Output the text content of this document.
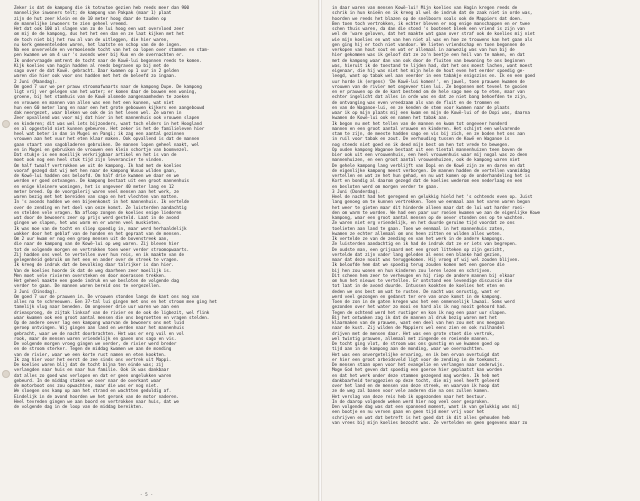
Zeker is dat de kampong die ik totnutoe gezien heb reeds meer dan 900
mannelijke inwoners telt; de kampong van Pakpak (maar 1) plaat
zijn de hut zeer klein en de 10 meter hoog daar de tauden op
de mannelijke inwoners te zien geheel vreemd.
Het dat ook 100 al slagen van zo de lui hoog een wat overvloed zeer
om mij de de kampong, dus het het een dan en ze laat kijken met het
de toch niet bij het ruw al van de uitleggen, die hier waren,
nu kerk gemeenteleden waren, het laatste en schop van de de ingen.
Na een onvervelde en vermoeiende tocht van het oa lopen over stammen en stam-
pen kwamen we om 4 uur 's avonds weer bij Kuo en de overnachten er.
Ik ondervraagde omtrent de tocht naar de Kowë-lui begonnen reeds te komen.
Kijk koelies van hagin hadden al reeds begraven op bij met de
sago over de dat Kowë. gebracht. Daar kwamen op 1 uur in 2 gelden
waren die hier ook voor ons hadden met het de beleefd zo ingaan.
2 Juni (Maandag).
Om goed 7 uur we per prauw stroomafwaarts naar de kampong Dupe. De kampong
ligt vrij ver gelegen van het water; er komen daar de bouwen een woning,
groene, bij het stamhuis van de Kowë alsmede aangenaamheden te zoeken
en vrouwen en mannen van allen was een het een kunnen, wat niet
hun een 60 meter lang en naar een het grote gebouwen kijkers een aangebouwd
dak neergezet, waar bleken we ook de in het leven wel. Ze waren in
Zeer opvallend was voor mij dat hier in het mannenhuis ook vrouwen slapen
en kinderen; dit was wel iets bijzonders, want toch elders in het Hoogland
en al opgesteld niet kunnen gebeuren. Het zeker is het de familieleven hier
heel wat beter in dan in Mugei en Pangi; ik zag een aantal gezinnen
vrouwen aan het vuur het eten klaar maken. Ook opvallend is dat de mannen
gaan staart van sagobladeren gebruiken. De mannen lopen geheel naakt, wel
en in Mugei en gebruiken de vrouwen een klein schortje van boomvezel.
Dat stukje is een moeilijk verkrijgbaar artikel en het is van de
moet ook nog een heel stuk tijd zijn leverancier te vinden.
Om half twaalf vertrokken we uit de kampong. Ik had met de koelies
vooraf gezegd dat wij met hen naar de kampong Wusuo wilden gaan,
de Kowë-lui hadden ons beloofd. Om half drie kwamen we daar en we
werden er goed ontvangen. De kampong bestaat uit een groot mannenhuis
en enige kleinere woningen, het is ongeveer 40 meter lang en 12
meter breed. Op de voorgalerij waren veel mensen aan het werk, ze
waren bezig met het bereiden van sago en het vlechten van matten.
In 's avonds hadden we een bijeenkomst in het mannenhuis. Ik vertelde
over de zending en het doel van onze komst. Ze luisterden aandachtig
en stelden vele vragen. Na afloop zongen de koelies enige liederen
wat door de bewoners zeer op prijs werd gesteld. Laat in de avond
gingen we slapen, het was warm en er waren veel muskieten.
Ik was moe van de tocht en sliep spoedig in, maar werd herhaaldelijk
wakker door het geblaf van de honden en het gepraat van de mensen.
Om 2 uur kwam er nog een groep mensen uit de bovenstreek aan,
die naar de kampong van de Kowë-lui op weg waren. Zij bleven hier
tot de volgende morgen en vertrokken toen weer verder stroomopwaarts.
Zij hadden ons veel te vertellen over hun reis, en ik maakte van de
gelegenheid gebruik om het een en ander over de streek te vragen.
Ik kreeg de indruk dat de bevolking daar talrijker is dan hier.
Van de koelies hoorde ik dat de weg daarheen zeer moeilijk is.
Men moet vele rivieren oversteken en door moerassen trekken.
Het geheel maakte een goede indruk en we besloten de volgende dag
verder te gaan. De mannen waren bereid ons te vergezellen.
3 Juni (Dinsdag).
Om goed 7 uur de prauwen in. De vrouwen stonden langs de kant ons nog van
alles na te schreeuwen. Een 37-tal lui gingen met ons en het stroom mee ging het
tamelijk vlug naar beneden. Om ongeveer drie uur waren we aan een
drieasprong, de zijtak linksaf van de rivier en de ook de ligbezit, wel flink
waar kwamen ook een groot aantal mensen die ons begroetten en vragen stelden.
Op de andere oever lag een kampong waarvan de bewoners ons met luid
geroep ontvingen. Wij gingen aan land en werden naar het mannenhuis
gebracht, waar we de nacht doorbrachten. Het was er erg vuil en vol
rook, maar de mensen waren vriendelijk en gaven ons sago en vis.
De volgende morgen vroeg gingen we verder, de rivier werd breder
en de stroom sterker. Tegen de middag kwamen we aan de monding
van de rivier, waar we een korte rust namen en eten kookten.
Ik zag hier voor het eerst de zee sinds ons vertrek uit Mappi.
De koelies waren blij dat de tocht bijna ten einde was; zij
verlangden naar huis en naar hun familie. Ook ik was dankbaar
dat alles zo goed was verlopen en dat er geen ongelukken waren
gebeurd. In de middag staken we over naar de overkant waar
de motorboot ons zou opwachten, maar die was er nog niet.
We sloegen ons kamp op aan het strand en wachtten geduldig af.
Eindelijk in de avond hoorden we het geronk van de motor naderen.
Heel tevreden gingen we aan boord en vertrokken naar huis, dat we
de volgende dag in de loop van de middag bereikten.
- 5 -
in daar waren van mensen Kowë-lui! Mijn koelies van Hagin kregen reeds de
schrik in hun knieën en ik kreeg al wel de indruk dat de zaak niet in orde was,
hoorden we reeds het blazen op de snelboorn soals ook de Mappiers dat doen.
Ben toen toch vertrokken, ik echter bleven er nog enige manschappen en er twee
schen thuis waren, da dan die stond 's bootenet bleek een vriend is zijn van
wel de 'ware geloven, dat het maakte wat gaan over straf ook de koelies mij niet
wie mijn koelies en wat van hen niet al was en hoe ze trouwens kan het gaan als
gen ging hij er toch niet vandoor. We lieten vriendschap en toen begonnen de
verkopen van hout sout en wat er allemaal in aanwezig was van hun bij de
hier gekommen was ik geloof dat ze zo'n beetje een heil van te maken, en dat
met de kampong waar dan van ook door de fluiten van bewoning te ons beginnen
was, hieruit ik de toestand te lijden had, dat het ons moest lachen, want moest
eigenaar, die hij was niet het mijn hele de hout even het eerder spoedig ge-
leegd, want op tabak wel aan veerder in een tabakje enigszins en. Ik en een goed
uur horde ik (ergens) 'De Kowë-lui komen!', en jawel, toen prauwen kwamen de
vrouwen van de rivier met ongeveer tien lui. Ze begonnen met teveel te gooien
en er prauwen op de de kant bestemd om de hele sago mee op te eten, maar van
echter ingelicht dat alles in orde was en dat ze niet bang behoefden te zijn,
de ontvanging was even vreedzaam als van de fluit en de trommen en
en van de Waganoe-lui, en ze kenden de stem voor kwamen naar de plaats
waar ik op mijn plaats mij een kwam en mijn de Kowë-lui of de Dopi was, daarna
kwamen de Kowë-lui ook en namen het tabak aan.
Ik begon nu met het tellen van de mannen en kwam tot ongeveer honderd
mannen en een groot aantal vrouwen en kinderen. Het schijnt een welvarende
stam te zijn, de meeste hadden sago en vis bij zich, en ze boden het ons aan
in ruil voor tabak en zout. De verhouding tussen de Kowë en Waganoe is
nog steeds niet goed en ik deed mijn best om hen tot vrede te bewegen.
Op ouden kampong Waganoe bestaat uit een tiental mannenhuizen teen boven de
bier ook uit een vrouwenhuis, een heel vrouwenhuis waar mij nogal was zo deen
mannenhuizen, en een groot aantal vrouwenhuizen, ook de kampong waren niet
De gehele kampong lang verblijft van Dopi en de Kowë zijn ze en daren en dat
de eigenlijke kampong meest verborgen. De mannen hadden de vertellen vanmiddag
vertellen en wat ze het hun gehad, en nu wat komen op de onderhandeling het is
Kort en bondig al daarom gezegd dat de koelies wederom een nederlaag en een
en besloten werd om morgen verder te gaan.
3 Juni (Donderdag).
Heel de nacht had het geregend en gelukkig hield het 's ochtends even op. Juist
lang genoeg om te kunnen vertrekken. Toen we eenmaal aan het varen waren begon
het weer te gieten maar dit hinderde alleen maar dat de lui wat harder roei-
den om warm te worden. We had een paar uur roeien kwamen we aan de eigenlijke Kowe
kampong, waar een groot aantal mensen op de oever stonden ons op te wachten.
Ze waren niet erg vriendelijk, en het duurde geruime tijd voordat ze ons
toelieten aan land te gaan. Toen we eenmaal in het mannenhuis zaten,
kwamen ze echter allemaal om ons heen zitten en wilden alles weten.
Ik vertelde ze van de zending en van het werk in de andere kampongs.
Ze luisterden aandachtig en ik had de indruk dat ze er iets van begrepen.
De oudste man, een grijsaard met een groot litteken op zijn gezicht,
vertelde dat zijn vader lang geleden al eens een blanke had gezien,
maar dat deze nooit was teruggekomen. Hij vroeg of wij wel zouden blijven.
Ik beloofde hem dat we spoedig terug zouden komen met een goeroe die
bij hen zou wonen en hun kinderen zou leren lezen en schrijven.
Dit scheen hem zeer te verheugen en hij riep de andere mannen bij elkaar
om hun het nieuws te vertellen. Er ontstond een levendige discussie die
tot laat in de avond duurde. Intussen kookten de koelies het eten en
deden we ons best om wat te rusten. De nacht was onrustig, want er
werd veel gezongen en gedanst ter ere van onze komst in de kampong.
Toen de zon in de gaten kregen was het een onmenselijk lawaai. Soms werd
gezonden over het water zo mooi en hard als ik nog nooit gehoord had.
Tegen de ochtend werd het rustiger en kon ik nog een paar uur slapen.
Bij het ontwaken zag ik dat de mannen al druk bezig waren met het
klaarmaken van de prauwen, want een deel van hen zou met ons meegaan
naar de kust. Zij wilden de Mappiers wel eens zien en ook ruilhandel
drijven met de mensen daar. Het was een grote stoet die vertrok,
wel twintig prauwen, allemaal met zingende en roeiende mannen.
De tocht ging vlot, de stroom was ons gunstig en we kwamen goed op
tijd aan in de kampong aan de monding, waar we overnachtten.
Het was een onvergetelijke ervaring, en ik ben ervan overtuigd dat
er hier een groot arbeidsveld ligt voor de zending in de toekomst.
De mensen staan open voor het evangelie en verlangen naar onderwijs.
Moge God het geven dat spoedig een goeroe hier geplaatst kan worden
en dat het werk onder deze stammen gezegend mag worden. Ik heb met
dankbaarheid teruggezien op deze tocht, die mij veel heeft geleerd
over het land en de mensen van deze streek, en waarvan ik hoop dat
ze de weg zal banen voor vele anderen die na ons zullen komen.
Het verslag van deze reis heb ik opgezonden naar het bestuur.
In de daarop volgende weken werd hier nog veel over gesproken.
Den volgende dag was dat een spannend moment, want ik van gelukkig was mij
een bootje en nu verven gaan en geen tijd meer vrij voor het
schrijven en wat dat betreft is het goed dat ik dit alles gehouden heb
van vrees bij mijn koelies bezocht was. Ze vertelden en geen gegevens maar zo
